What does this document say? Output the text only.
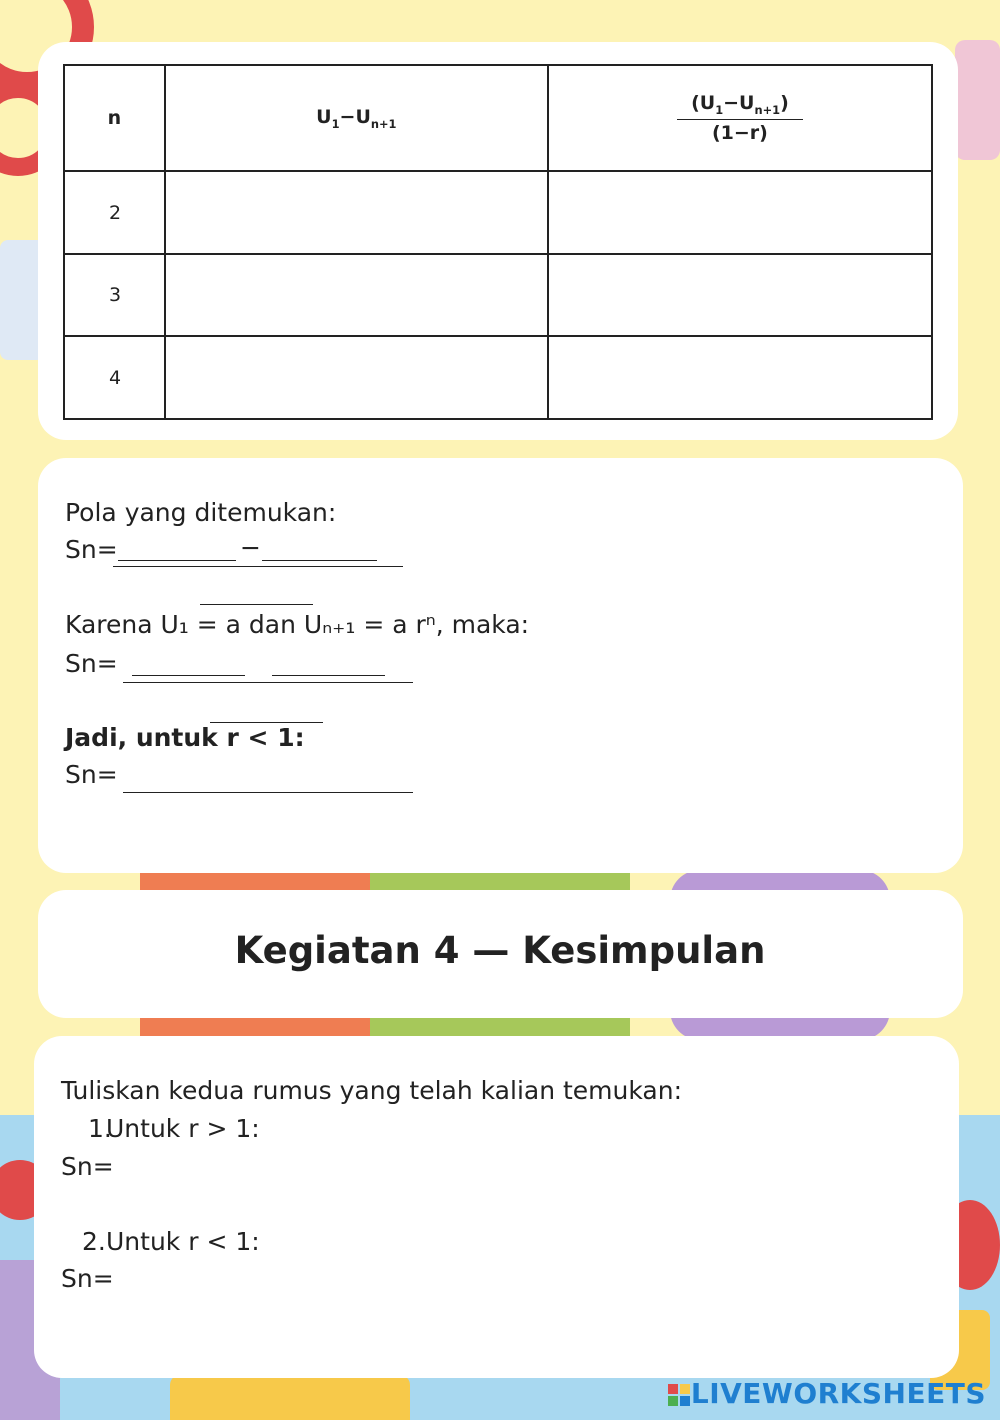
n	$U_1-U_{n+1}$	$\frac{(U_1-U_{n+1})}{(1-r)}$

2		
3		
4		
Pola yang ditemukan:
Sn=	−
Karena U₁ = a dan Uₙ₊₁ = a rⁿ, maka:
Sn=
Jadi, untuk r < 1:
Sn=
Kegiatan 4 — Kesimpulan
Tuliskan kedua rumus yang telah kalian temukan:
1.
Untuk r > 1:
Sn=
2. Untuk r < 1:
Sn=
LIVEWORKSHEETS
